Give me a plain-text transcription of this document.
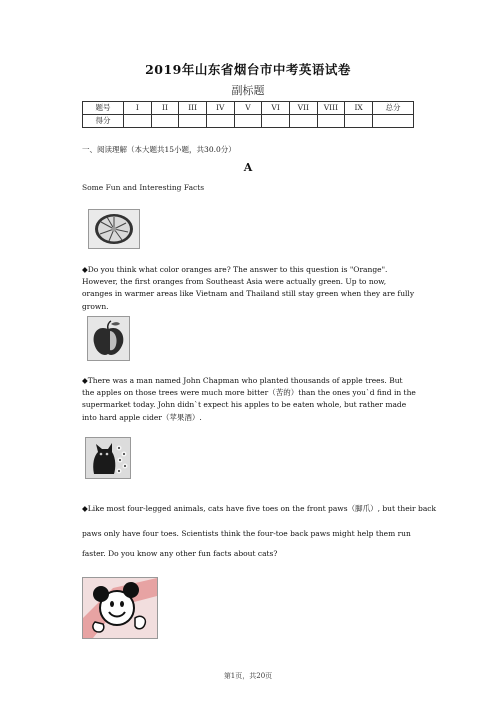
2019年山东省烟台市中考英语试卷
副标题
题号	I	II	III	IV	V	VI	VII	VIII	IX	总分
得分										
一、阅读理解（本大题共15小题，共30.0分）
A
Some Fun and Interesting Facts
◆Do you think what color oranges are? The answer to this question is "Orange". However, the first oranges from Southeast Asia were actually green. Up to now, oranges in warmer areas like Vietnam and Thailand still stay green when they are fully grown.
◆There was a man named John Chapman who planted thousands of apple trees. But the apples on those trees were much more bitter（苦的）than the ones you`d find in the supermarket today. John didn`t expect his apples to be eaten whole, but rather made into hard apple cider（苹果酒）.
◆Like most four-legged animals, cats have five toes on the front paws（脚爪）, but their back
paws only have four toes. Scientists think the four-toe back paws might help them run
faster. Do you know any other fun facts about cats?
第1页，共20页
